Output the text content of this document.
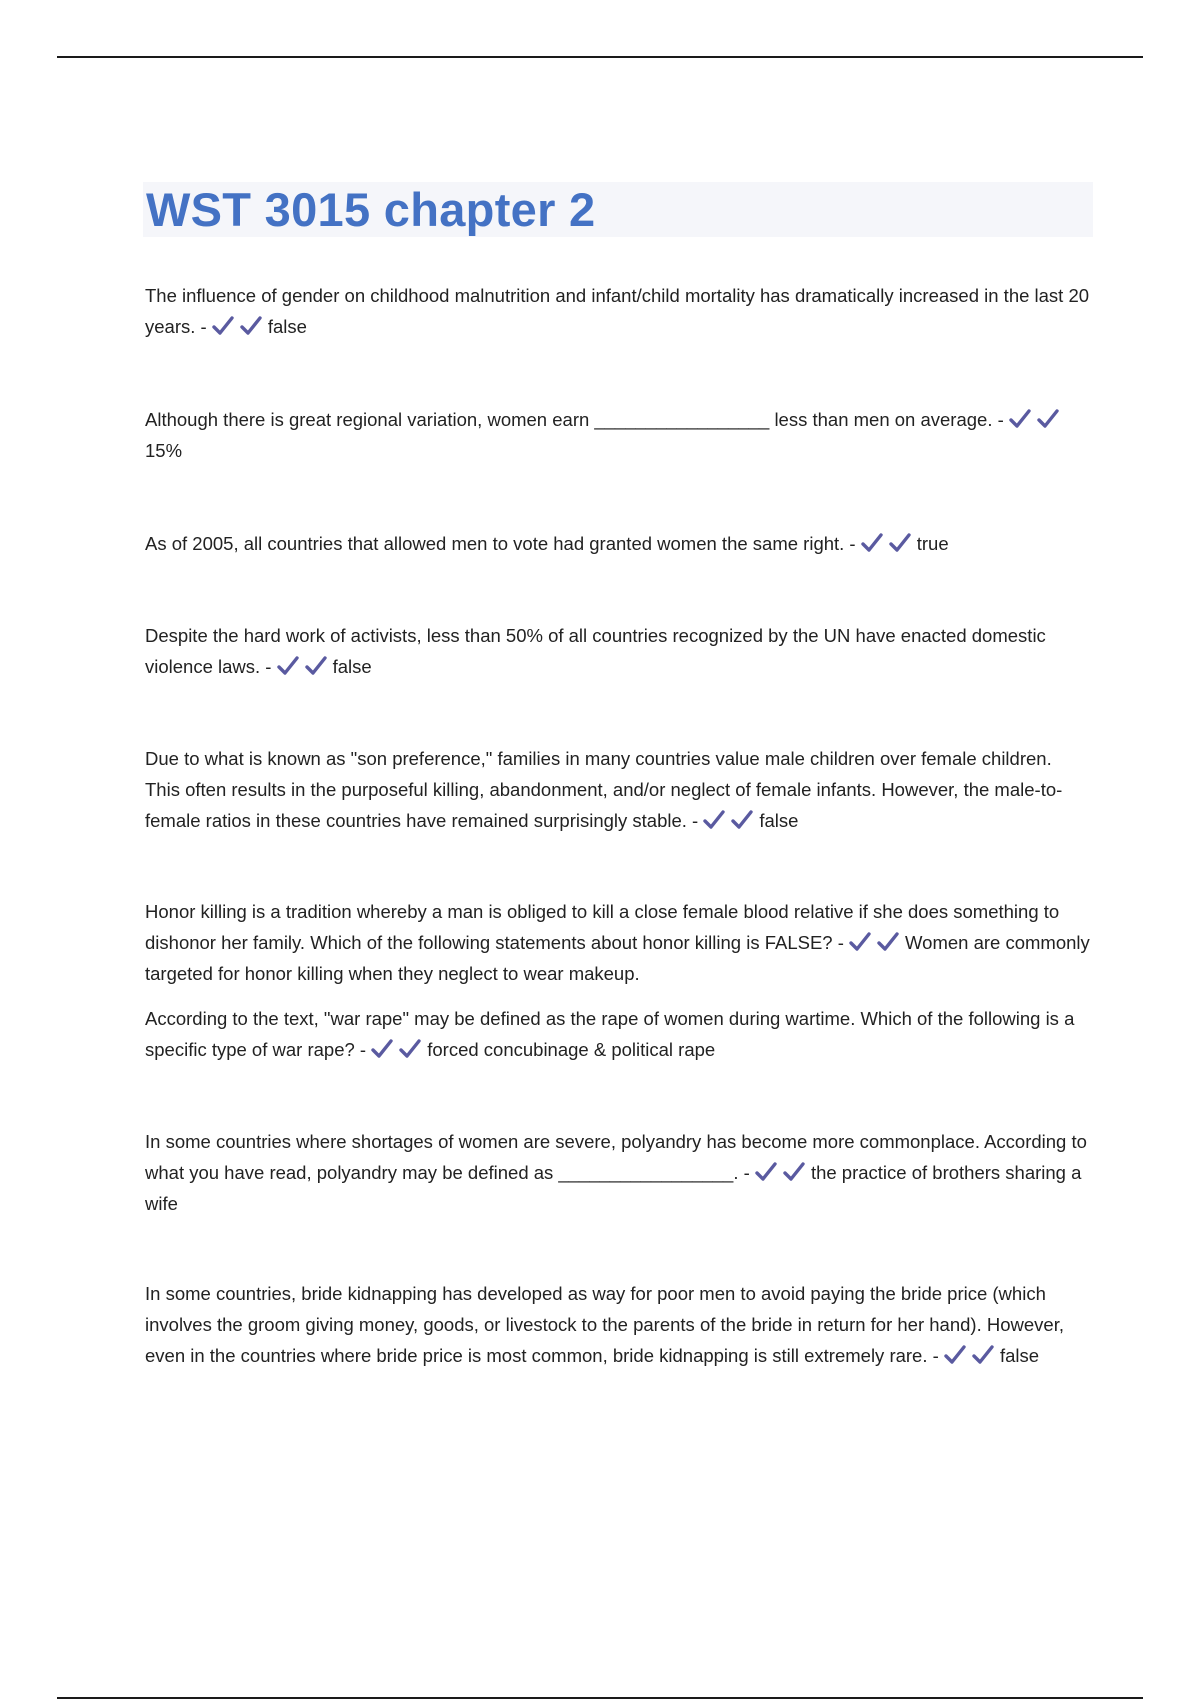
WST 3015 chapter 2

The influence of gender on childhood malnutrition and infant/child mortality has dramatically increased in the last 20 years. -	false

Although there is great regional variation, women earn _________________ less than men on average. -
15%

As of 2005, all countries that allowed men to vote had granted women the same right. -	true

Despite the hard work of activists, less than 50% of all countries recognized by the UN have enacted domestic violence laws. -	false

Due to what is known as "son preference," families in many countries value male children over female children. This often results in the purposeful killing, abandonment, and/or neglect of female infants. However, the male-to-female ratios in these countries have remained surprisingly stable. -	false

Honor killing is a tradition whereby a man is obliged to kill a close female blood relative if she does something to dishonor her family. Which of the following statements about honor killing is FALSE? -	Women are commonly targeted for honor killing when they neglect to wear makeup.

According to the text, "war rape" may be defined as the rape of women during wartime. Which of the following is a specific type of war rape? -	forced concubinage & political rape

In some countries where shortages of women are severe, polyandry has become more commonplace. According to what you have read, polyandry may be defined as _________________. -	the practice of brothers sharing a wife

In some countries, bride kidnapping has developed as way for poor men to avoid paying the bride price (which involves the groom giving money, goods, or livestock to the parents of the bride in return for her hand). However, even in the countries where bride price is most common, bride kidnapping is still extremely rare. -	false
